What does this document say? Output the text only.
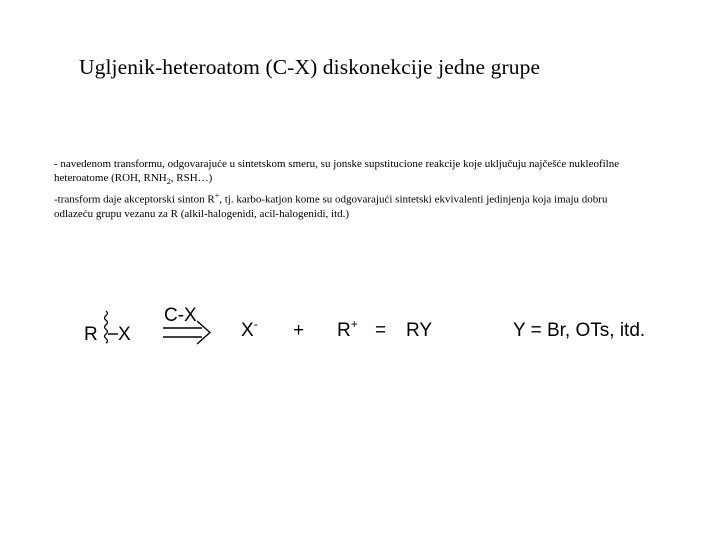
Ugljenik-heteroatom (C-X) diskonekcije jedne grupe

- navedenom transformu, odgovarajuće u sintetskom smeru, su jonske supstitucione reakcije koje uključuju najčešće nukleofilne

heteroatome (ROH, $RNH_2$, RSH…)

-transform daje akceptorski sinton R+, tj. karbo-katjon kome su odgovarajući sintetski ekvivalenti jedinjenja koja imaju dobru

odlazeću grupu vezanu za R (alkil-halogenidi, acil-halogenidi, itd.)

R X
C-X
X- + R+ = RY	Y = Br, OTs, itd.
